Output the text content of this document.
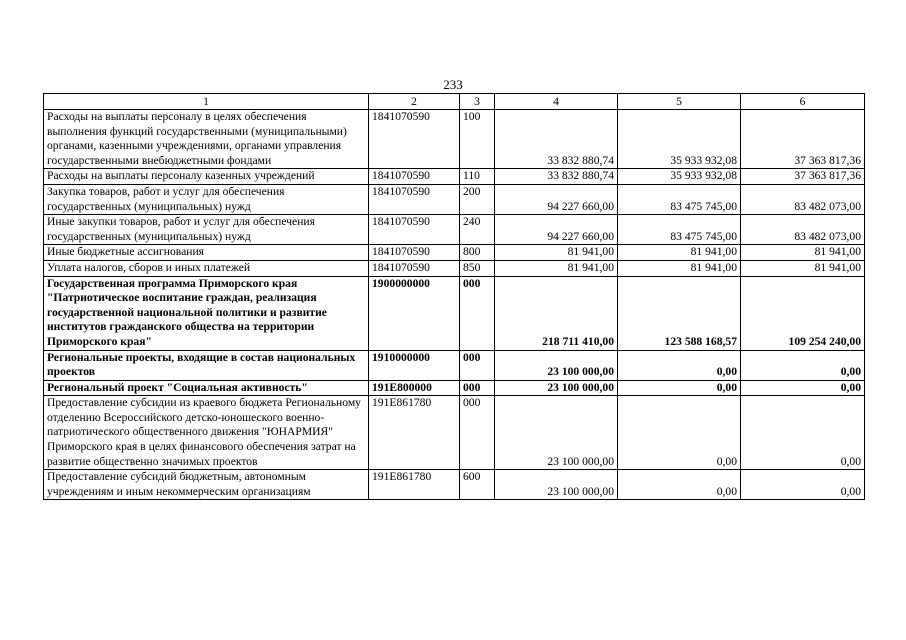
233
1	2	3	4	5	6
Расходы на выплаты персоналу в целях обеспечения выполнения функций государственными (муниципальными) органами, казенными учреждениями, органами управления государственными внебюджетными фондами	1841070590	100	33 832 880,74	35 933 932,08	37 363 817,36
Расходы на выплаты персоналу казенных учреждений	1841070590	110	33 832 880,74	35 933 932,08	37 363 817,36
Закупка товаров, работ и услуг для обеспечения государственных (муниципальных) нужд	1841070590	200	94 227 660,00	83 475 745,00	83 482 073,00
Иные закупки товаров, работ и услуг для обеспечения государственных (муниципальных) нужд	1841070590	240	94 227 660,00	83 475 745,00	83 482 073,00
Иные бюджетные ассигнования	1841070590	800	81 941,00	81 941,00	81 941,00
Уплата налогов, сборов и иных платежей	1841070590	850	81 941,00	81 941,00	81 941,00
Государственная программа Приморского края "Патриотическое воспитание граждан, реализация государственной национальной политики и развитие институтов гражданского общества на территории Приморского края"	1900000000	000	218 711 410,00	123 588 168,57	109 254 240,00
Региональные проекты, входящие в состав национальных проектов	1910000000	000	23 100 000,00	0,00	0,00
Региональный проект "Социальная активность"	191E800000	000	23 100 000,00	0,00	0,00
Предоставление субсидии из краевого бюджета Региональному отделению Всероссийского детско-юношеского военно-патриотического общественного движения "ЮНАРМИЯ" Приморского края в целях финансового обеспечения затрат на развитие общественно значимых проектов	191E861780	000	23 100 000,00	0,00	0,00
Предоставление субсидий бюджетным, автономным учреждениям и иным некоммерческим организациям	191E861780	600	23 100 000,00	0,00	0,00
